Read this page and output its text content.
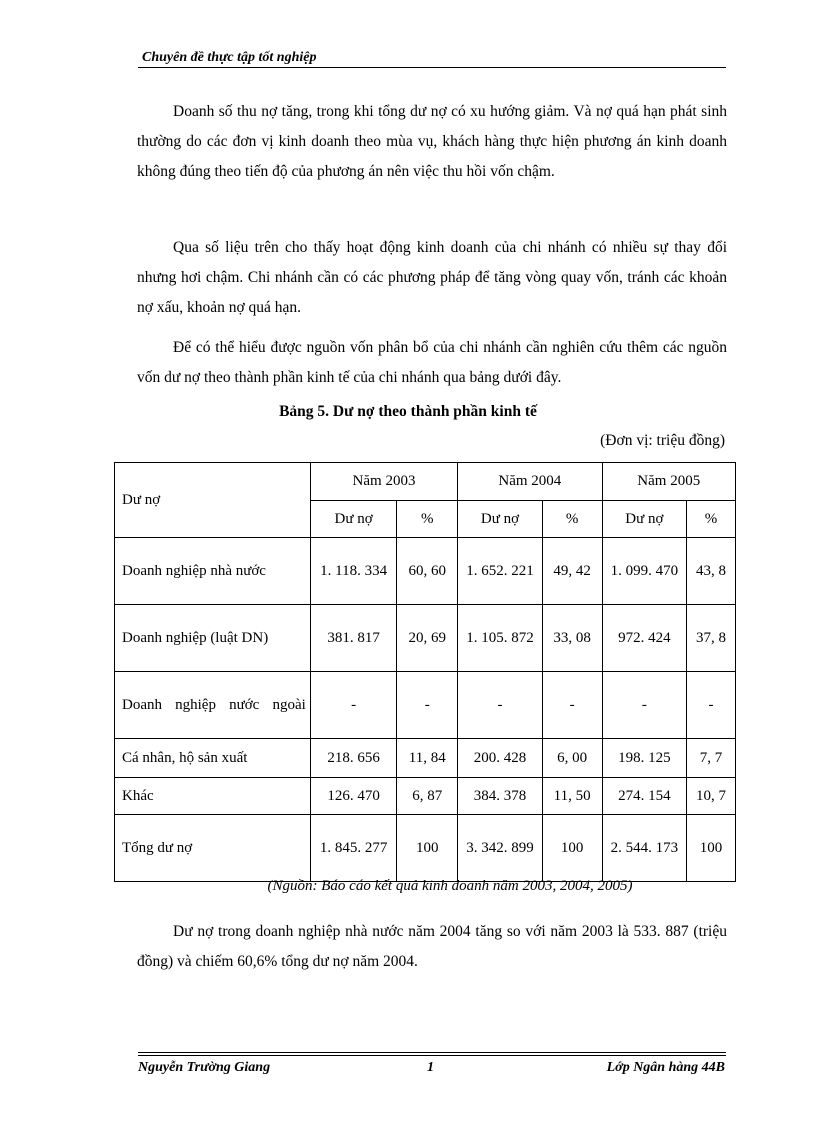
Chuyên đề thực tập tốt nghiệp

Doanh số thu nợ tăng, trong khi tổng dư nợ có xu hướng giảm. Và nợ quá hạn phát sinh thường do các đơn vị kinh doanh theo mùa vụ, khách hàng thực hiện phương án kinh doanh không đúng theo tiến độ của phương án nên việc thu hồi vốn chậm.

Qua số liệu trên cho thấy hoạt động kinh doanh của chi nhánh có nhiều sự thay đổi nhưng hơi chậm. Chi nhánh cần có các phương pháp để tăng vòng quay vốn, tránh các khoản nợ xấu, khoản nợ quá hạn.

Để có thể hiểu được nguồn vốn phân bổ của chi nhánh cần nghiên cứu thêm các nguồn vốn dư nợ theo thành phần kinh tế của chi nhánh qua bảng dưới đây.

Bảng 5. Dư nợ theo thành phần kinh tế
(Đơn vị: triệu đồng)
Dư nợ	Năm 2003		Năm 2004		Năm 2005	
	Dư nợ	%	Dư nợ	%	Dư nợ	%
Doanh nghiệp nhà nước	1. 118. 334	60, 60	1. 652. 221	49, 42	1. 099. 470	43, 8
Doanh nghiệp (luật DN)	381. 817	20, 69	1. 105. 872	33, 08	972. 424	37, 8
Doanh nghiệp nước ngoài	-	-	-	-	-	-
Cá nhân, hộ sản xuất	218. 656	11, 84	200. 428	6, 00	198. 125	7, 7
Khác	126. 470	6, 87	384. 378	11, 50	274. 154	10, 7
Tổng dư nợ	1. 845. 277	100	3. 342. 899	100	2. 544. 173	100
(Nguồn: Báo cáo kết quả kinh doanh năm 2003, 2004, 2005)

Dư nợ trong doanh nghiệp nhà nước năm 2004 tăng so với năm 2003 là 533. 887 (triệu đồng) và chiếm 60,6% tổng dư nợ năm 2004.

Nguyễn Trường Giang	1	Lớp Ngân hàng 44B
